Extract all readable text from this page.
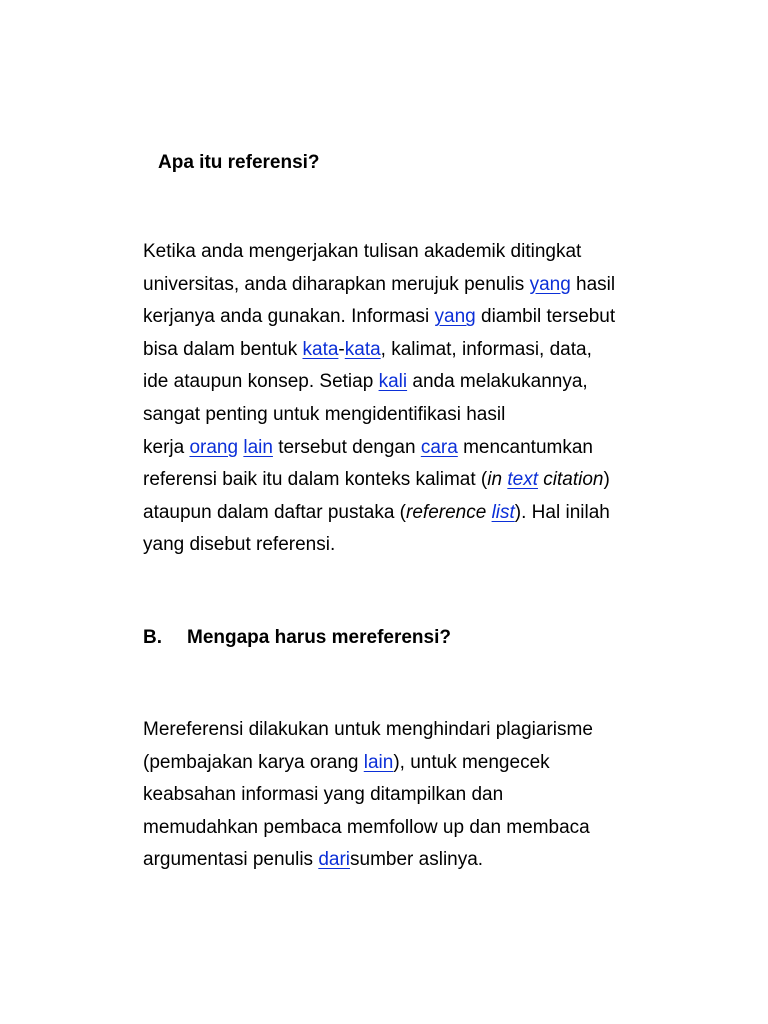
Apa itu referensi?
Ketika anda mengerjakan tulisan akademik ditingkat
universitas, anda diharapkan merujuk penulis yang hasil
kerjanya anda gunakan. Informasi yang diambil tersebut
bisa dalam bentuk kata-kata, kalimat, informasi, data,
ide ataupun konsep. Setiap kali anda melakukannya,
sangat penting untuk mengidentifikasi hasil
kerja orang lain tersebut dengan cara mencantumkan
referensi baik itu dalam konteks kalimat (in text citation)
ataupun dalam daftar pustaka (reference list). Hal inilah
yang disebut referensi.
B. Mengapa harus mereferensi?
Mereferensi dilakukan untuk menghindari plagiarisme
(pembajakan karya orang lain), untuk mengecek
keabsahan informasi yang ditampilkan dan
memudahkan pembaca memfollow up dan membaca
argumentasi penulis darisumber aslinya.
